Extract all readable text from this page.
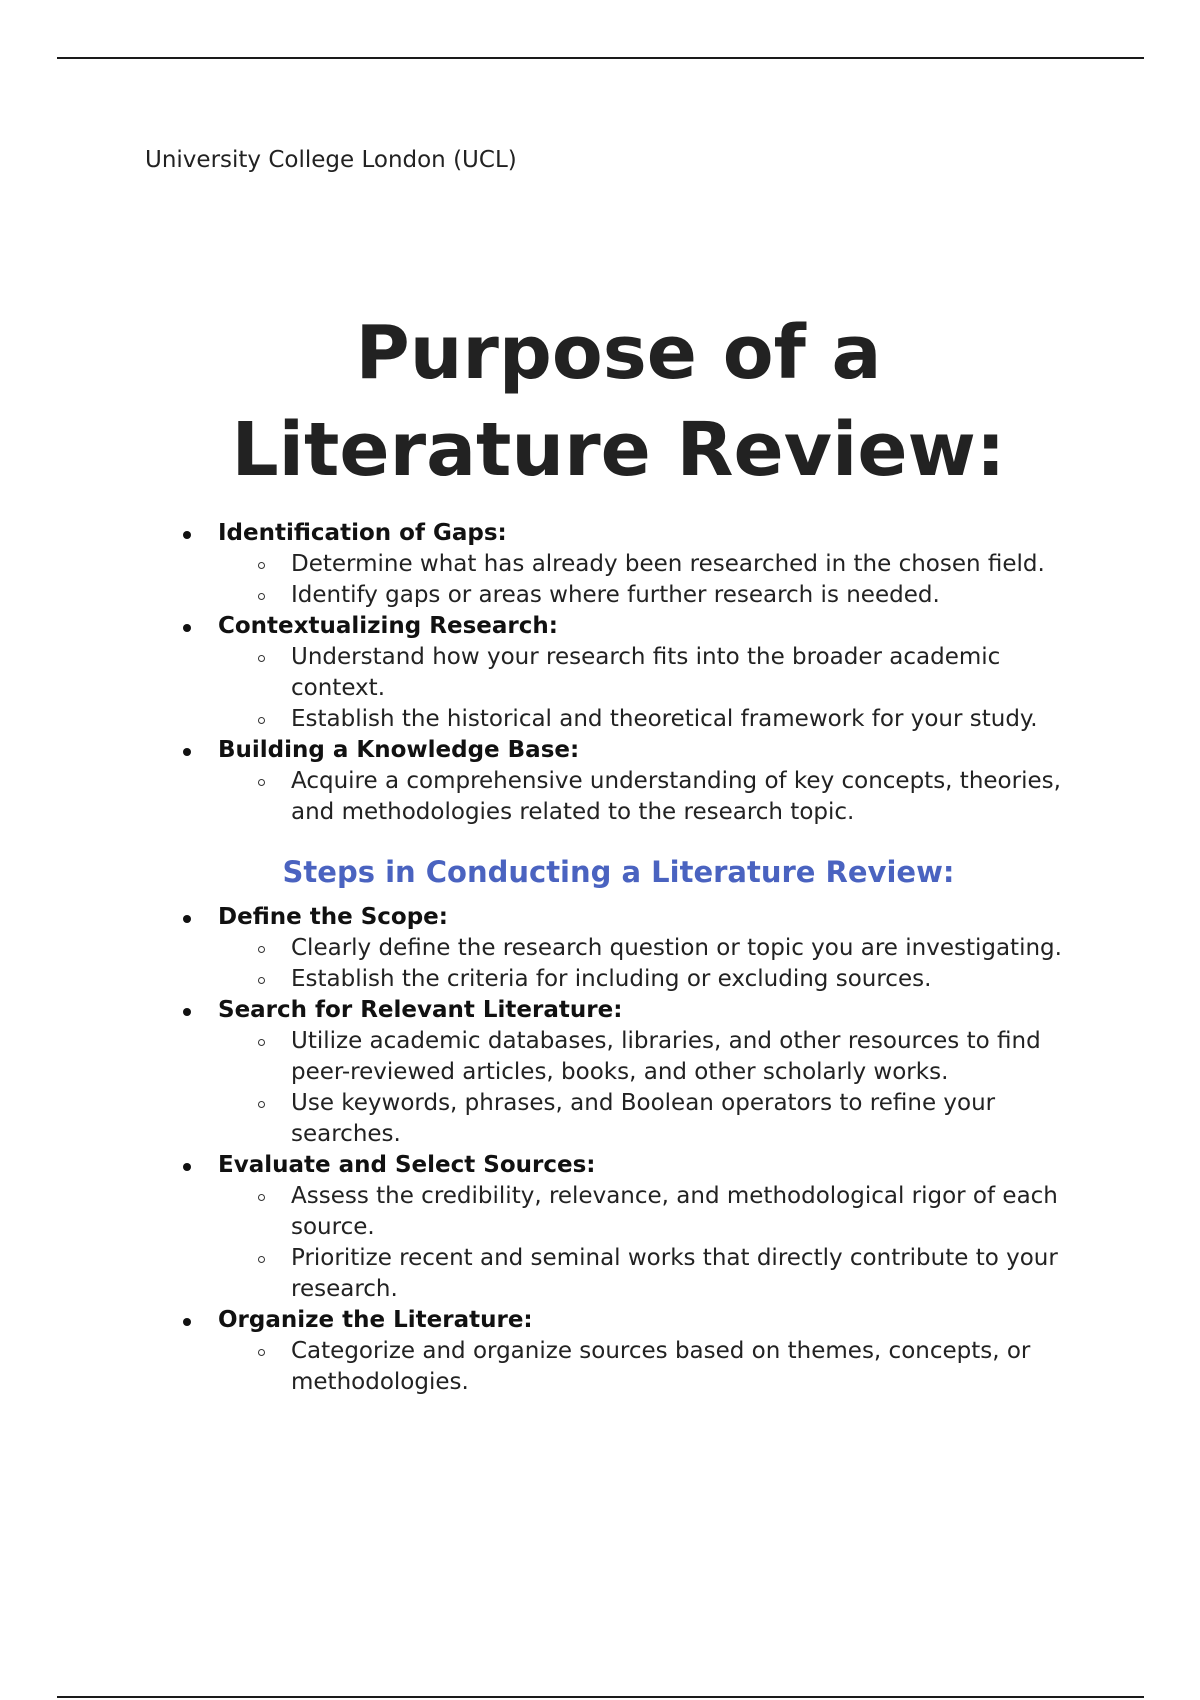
University College London (UCL)

Purpose of a
Literature Review:
Identification of Gaps:
Determine what has already been researched in the chosen field.
Identify gaps or areas where further research is needed.
Contextualizing Research:
Understand how your research fits into the broader academic context.
Establish the historical and theoretical framework for your study.
Building a Knowledge Base:
Acquire a comprehensive understanding of key concepts, theories, and methodologies related to the research topic.
Steps in Conducting a Literature Review:
Define the Scope:
Clearly define the research question or topic you are investigating.
Establish the criteria for including or excluding sources.
Search for Relevant Literature:
Utilize academic databases, libraries, and other resources to find peer-reviewed articles, books, and other scholarly works.
Use keywords, phrases, and Boolean operators to refine your searches.
Evaluate and Select Sources:
Assess the credibility, relevance, and methodological rigor of each source.
Prioritize recent and seminal works that directly contribute to your research.
Organize the Literature:
Categorize and organize sources based on themes, concepts, or methodologies.
